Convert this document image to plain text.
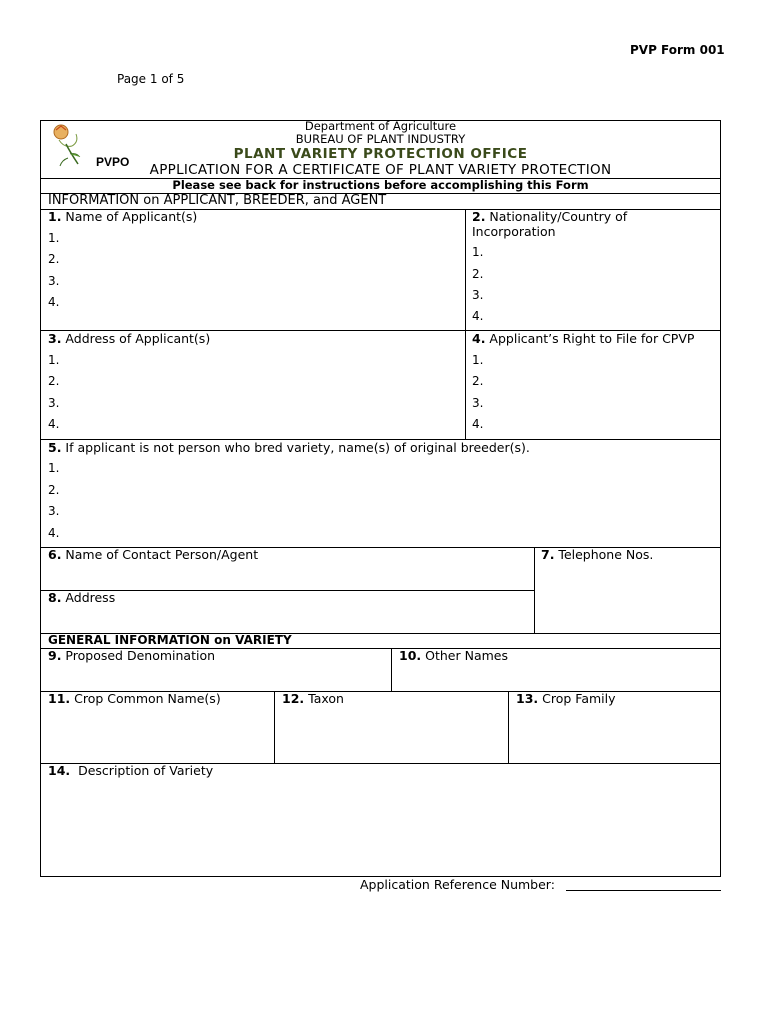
PVP Form 001
Page 1 of 5
PVPO
Department of Agriculture
BUREAU OF PLANT INDUSTRY
PLANT VARIETY PROTECTION OFFICE
APPLICATION FOR A CERTIFICATE OF PLANT VARIETY PROTECTION
Please see back for instructions before accomplishing this Form
INFORMATION on APPLICANT, BREEDER, and AGENT
1. Name of Applicant(s)
1.
2.
3.
4.
2. Nationality/Country of Incorporation
1.
2.
3.
4.
3. Address of Applicant(s)
1.
2.
3.
4.
4. Applicant’s Right to File for CPVP
1.
2.
3.
4.
5. If applicant is not person who bred variety, name(s) of original breeder(s).
1.
2.
3.
4.
6. Name of Contact Person/Agent	7. Telephone Nos.
8. Address
GENERAL INFORMATION on VARIETY
9. Proposed Denomination	10. Other Names
11. Crop Common Name(s)	12. Taxon	13. Crop Family
14.  Description of Variety
Application Reference Number:
